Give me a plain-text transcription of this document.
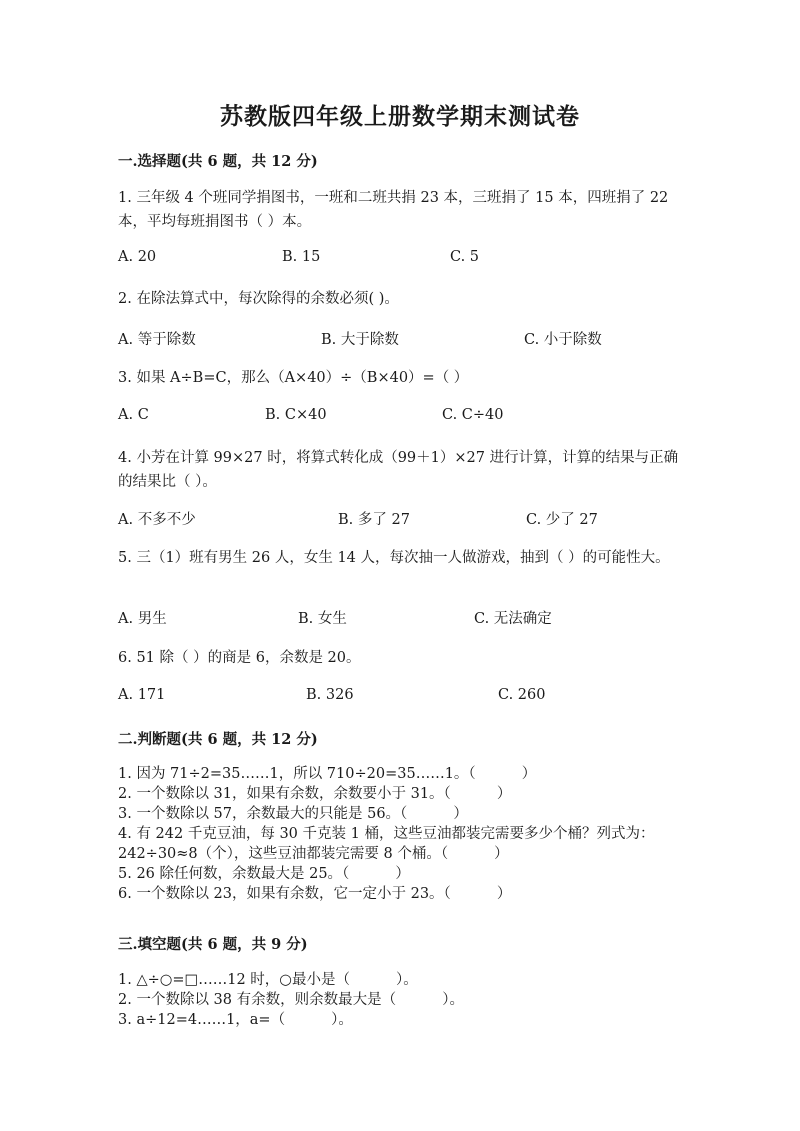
苏教版四年级上册数学期末测试卷
一.选择题(共 6 题，共 12 分)
1. 三年级 4 个班同学捐图书，一班和二班共捐 23 本，三班捐了 15 本，四班捐了 22 本，平均每班捐图书（ ）本。
A. 20	B. 15	C. 5
2. 在除法算式中，每次除得的余数必须( )。
A. 等于除数	B. 大于除数	C. 小于除数
3. 如果 A÷B=C，那么（A×40）÷（B×40）=（ ）
A. C	B. C×40	C. C÷40
4. 小芳在计算 99×27 时，将算式转化成（99＋1）×27 进行计算，计算的结果与正确的结果比（ ）。
A. 不多不少	B. 多了 27	C. 少了 27
5. 三（1）班有男生 26 人，女生 14 人，每次抽一人做游戏，抽到（ ）的可能性大。
A. 男生	B. 女生	C. 无法确定
6. 51 除（ ）的商是 6，余数是 20。
A. 171	B. 326	C. 260
二.判断题(共 6 题，共 12 分)
1. 因为 71÷2=35……1，所以 710÷20=35……1。（          ）
2. 一个数除以 31，如果有余数，余数要小于 31。（          ）
3. 一个数除以 57，余数最大的只能是 56。（          ）
4. 有 242 千克豆油，每 30 千克装 1 桶，这些豆油都装完需要多少个桶？列式为：242÷30≈8（个），这些豆油都装完需要 8 个桶。（          ）
5. 26 除任何数，余数最大是 25。（          ）
6. 一个数除以 23，如果有余数，它一定小于 23。（          ）
三.填空题(共 6 题，共 9 分)
1. △÷○=□……12 时，○最小是（          ）。
2. 一个数除以 38 有余数，则余数最大是（          ）。
3. a÷12=4……1，a=（          ）。
